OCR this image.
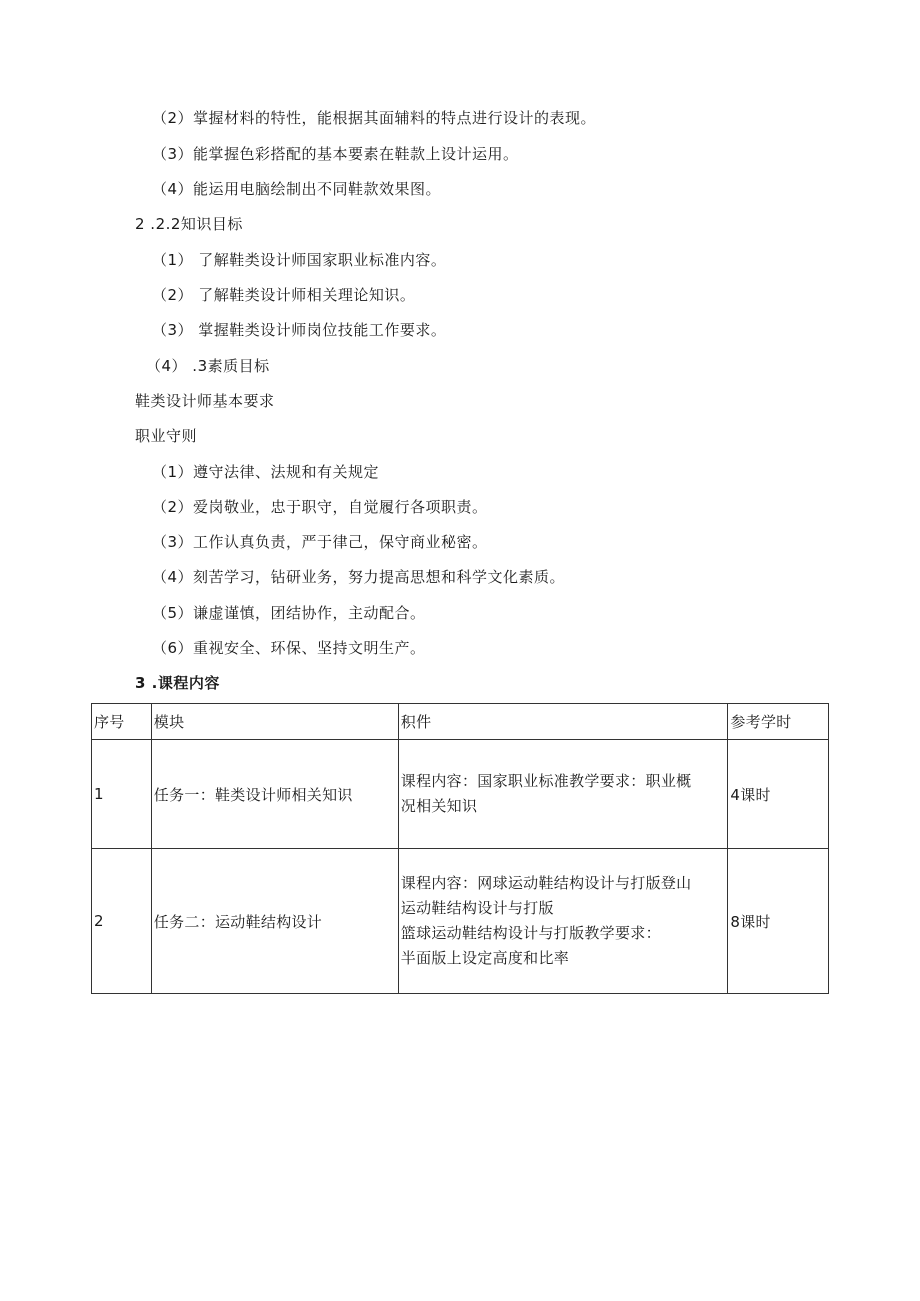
（2）掌握材料的特性，能根据其面辅料的特点进行设计的表现。
（3）能掌握色彩搭配的基本要素在鞋款上设计运用。
（4）能运用电脑绘制出不同鞋款效果图。
2 .2.2知识目标
（1） 了解鞋类设计师国家职业标准内容。
（2） 了解鞋类设计师相关理论知识。
（3） 掌握鞋类设计师岗位技能工作要求。
（4） .3素质目标
鞋类设计师基本要求
职业守则
（1）遵守法律、法规和有关规定
（2）爱岗敬业，忠于职守，自觉履行各项职责。
（3）工作认真负责，严于律己，保守商业秘密。
（4）刻苦学习，钻研业务，努力提高思想和科学文化素质。
（5）谦虚谨慎，团结协作，主动配合。
（6）重视安全、环保、坚持文明生产。
3 .课程内容
序号	模块	积件	参考学时
1	任务一：鞋类设计师相关知识	课程内容：国家职业标准教学要求：职业概
况相关知识	4课时
2	任务二：运动鞋结构设计	课程内容：网球运动鞋结构设计与打版登山
运动鞋结构设计与打版
篮球运动鞋结构设计与打版教学要求：
半面版上设定高度和比率	8课时
